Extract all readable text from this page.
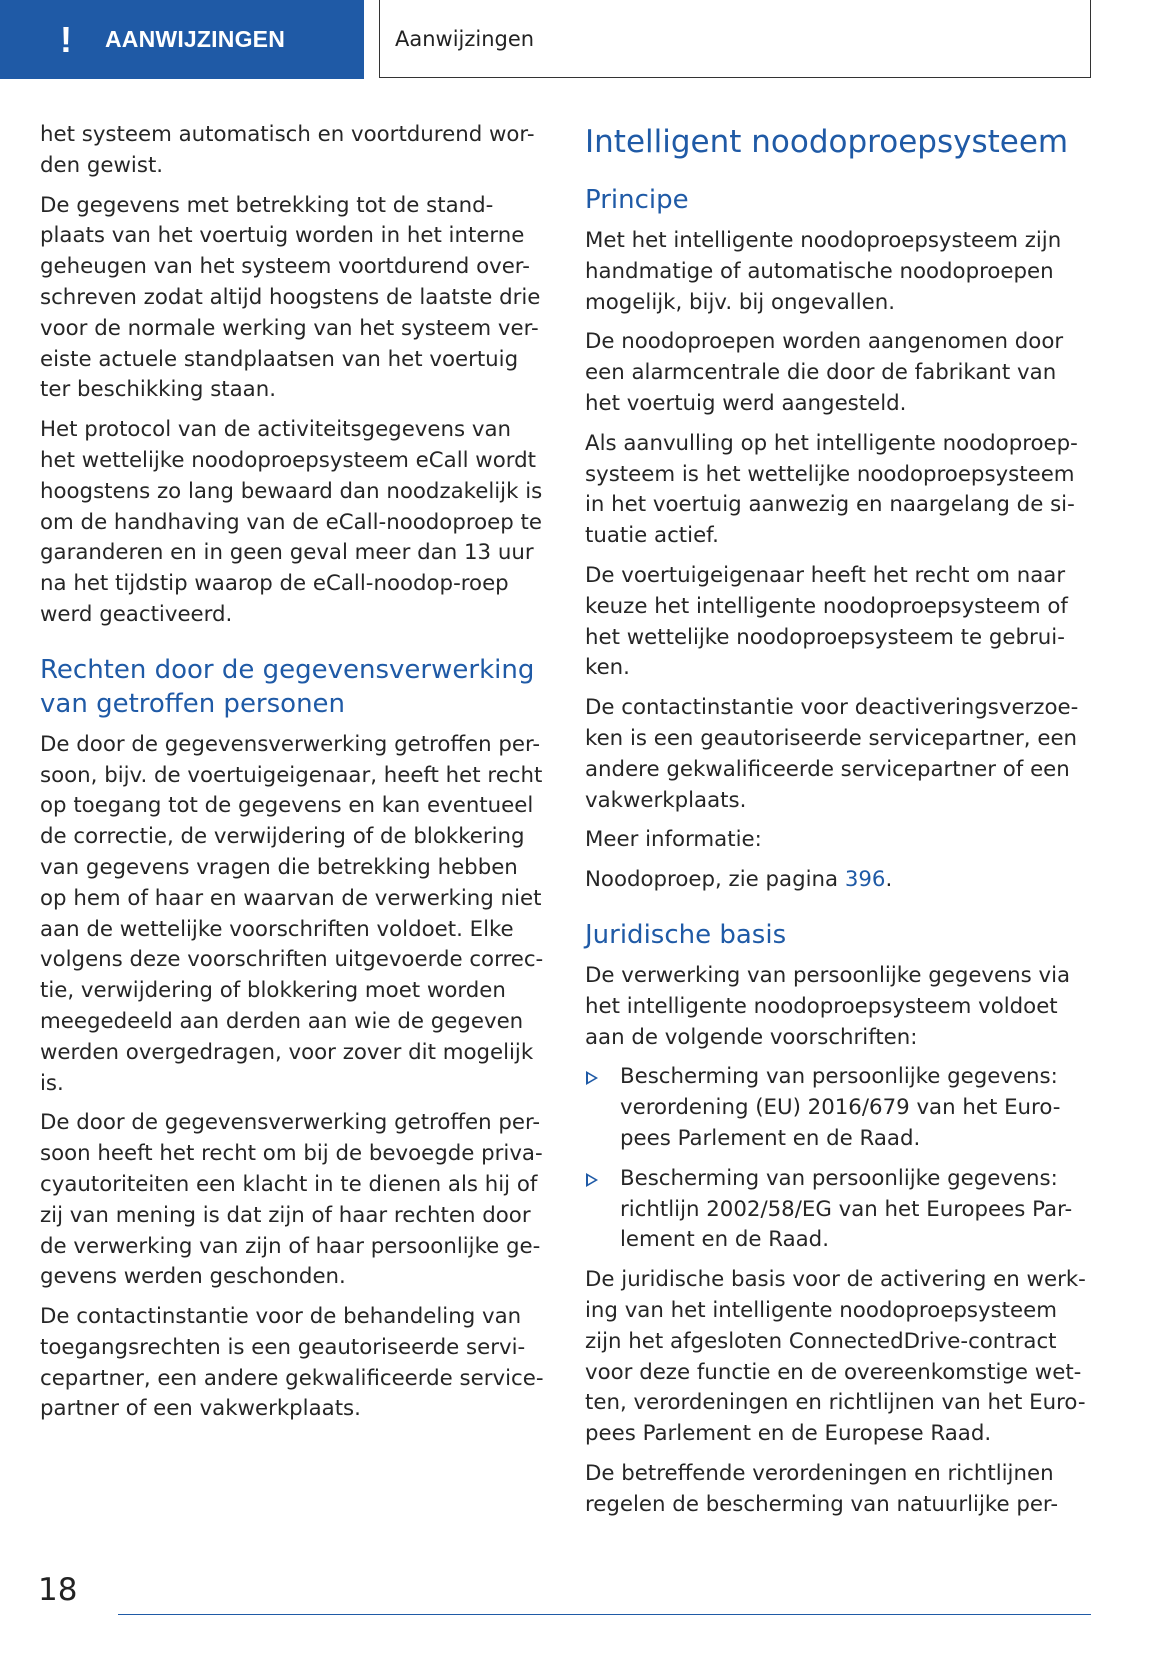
! AANWIJZINGEN	Aanwijzingen

het systeem automatisch en voortdurend wor-den gewist.

De gegevens met betrekking tot de stand-plaats van het voertuig worden in het interne geheugen van het systeem voortdurend over-schreven zodat altijd hoogstens de laatste drie voor de normale werking van het systeem ver-eiste actuele standplaatsen van het voertuig ter beschikking staan.

Het protocol van de activiteitsgegevens van het wettelijke noodoproepsysteem eCall wordt hoogstens zo lang bewaard dan noodzakelijk is om de handhaving van de eCall-noodoproep te garanderen en in geen geval meer dan 13 uur na het tijdstip waarop de eCall-noodop-roep werd geactiveerd.

Rechten door de gegevensverwerking van getroffen personen

De door de gegevensverwerking getroffen per-soon, bijv. de voertuigeigenaar, heeft het recht op toegang tot de gegevens en kan eventueel de correctie, de verwijdering of de blokkering van gegevens vragen die betrekking hebben op hem of haar en waarvan de verwerking niet aan de wettelijke voorschriften voldoet. Elke volgens deze voorschriften uitgevoerde correc-tie, verwijdering of blokkering moet worden meegedeeld aan derden aan wie de gegeven werden overgedragen, voor zover dit mogelijk is.

De door de gegevensverwerking getroffen per-soon heeft het recht om bij de bevoegde priva-cyautoriteiten een klacht in te dienen als hij of zij van mening is dat zijn of haar rechten door de verwerking van zijn of haar persoonlijke ge-gevens werden geschonden.

De contactinstantie voor de behandeling van toegangsrechten is een geautoriseerde servi-cepartner, een andere gekwalificeerde service-partner of een vakwerkplaats.

Intelligent noodoproepsysteem
Principe

Met het intelligente noodoproepsysteem zijn handmatige of automatische noodoproepen mogelijk, bijv. bij ongevallen.

De noodoproepen worden aangenomen door een alarmcentrale die door de fabrikant van het voertuig werd aangesteld.

Als aanvulling op het intelligente noodoproep-systeem is het wettelijke noodoproepsysteem in het voertuig aanwezig en naargelang de si-tuatie actief.

De voertuigeigenaar heeft het recht om naar keuze het intelligente noodoproepsysteem of het wettelijke noodoproepsysteem te gebrui-ken.

De contactinstantie voor deactiveringsverzoe-ken is een geautoriseerde servicepartner, een andere gekwalificeerde servicepartner of een vakwerkplaats.

Meer informatie:

Noodoproep, zie pagina 396.

Juridische basis

De verwerking van persoonlijke gegevens via het intelligente noodoproepsysteem voldoet aan de volgende voorschriften:

Bescherming van persoonlijke gegevens: verordening (EU) 2016/679 van het Euro-pees Parlement en de Raad.
Bescherming van persoonlijke gegevens: richtlijn 2002/58/EG van het Europees Par-lement en de Raad.

De juridische basis voor de activering en werk-ing van het intelligente noodoproepsysteem zijn het afgesloten ConnectedDrive-contract voor deze functie en de overeenkomstige wet-ten, verordeningen en richtlijnen van het Euro-pees Parlement en de Europese Raad.

De betreffende verordeningen en richtlijnen regelen de bescherming van natuurlijke per-

18
